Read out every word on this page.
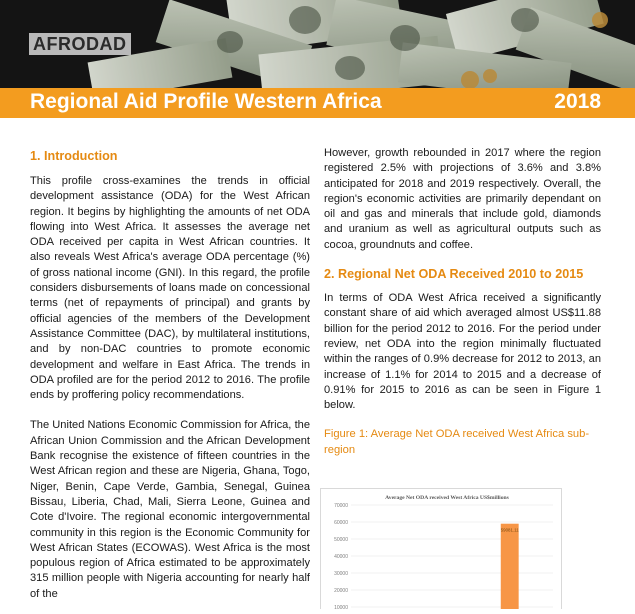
AFRODAD
Regional Aid Profile Western Africa	2018
1. Introduction

This profile cross-examines the trends in official development assistance (ODA) for the West African region. It begins by highlighting the amounts of net ODA flowing into West Africa. It assesses the average net ODA received per capita in West African countries. It also reveals West Africa's average ODA percentage (%) of gross national income (GNI). In this regard, the profile considers disbursements of loans made on concessional terms (net of repayments of principal) and grants by official agencies of the members of the Development Assistance Committee (DAC), by multilateral institutions, and by non-DAC countries to promote economic development and welfare in East Africa. The trends in ODA profiled are for the period 2012 to 2016. The profile ends by proffering policy recommendations.

The United Nations Economic Commission for Africa, the African Union Commission and the African Development Bank recognise the existence of fifteen countries in the West African region and these are Nigeria, Ghana, Togo, Niger, Benin, Cape Verde, Gambia, Senegal, Guinea Bissau, Liberia, Chad, Mali, Sierra Leone, Guinea and Cote d'Ivoire. The regional economic intergovernmental community in this region is the Economic Community for West African States (ECOWAS). West Africa is the most populous region of Africa estimated to be approximately 315 million people with Nigeria accounting for nearly half of the

However, growth rebounded in 2017 where the region registered 2.5% with projections of 3.6% and 3.8% anticipated for 2018 and 2019 respectively. Overall, the region's economic activities are primarily dependant on oil and gas and minerals that include gold, diamonds and uranium as well as agricultural outputs such as cocoa, groundnuts and coffee.

2. Regional Net ODA Received 2010 to 2015

In terms of ODA West Africa received a significantly constant share of aid which averaged almost US$11.88 billion for the period 2012 to 2016. For the period under review, net ODA into the region minimally fluctuated within the ranges of 0.9% decrease for 2012 to 2013, an increase of 1.1% for 2014 to 2015 and a decrease of 0.91% for 2015 to 2016 as can be seen in Figure 1 below.

Figure 1: Average Net ODA received West Africa sub-region
Average Net ODA received West Africa US$millions
70000
60000
50000
40000
30000
20000
10000
59081.11
